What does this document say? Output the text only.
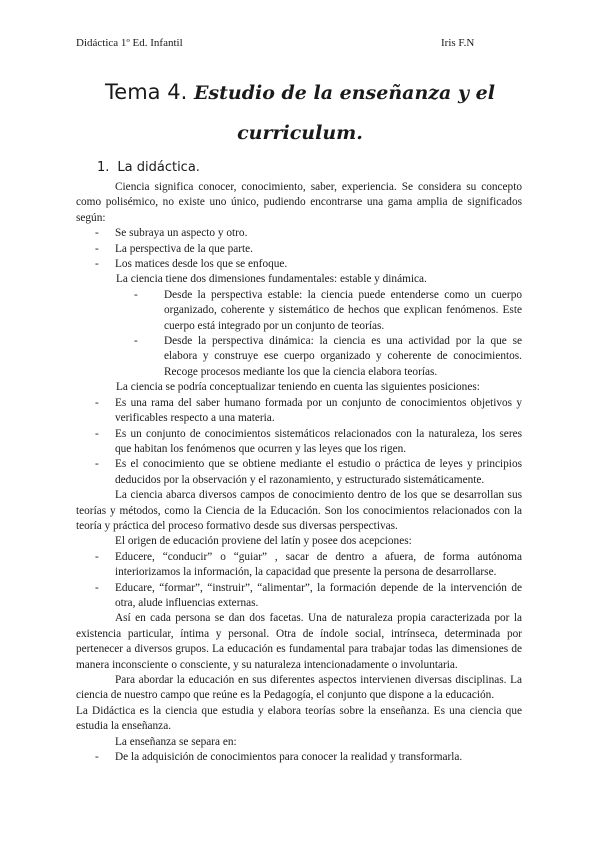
Didáctica 1º Ed. Infantil	Iris F.N
Tema 4. Estudio de la enseñanza y el
curriculum.
1. La didáctica.

Ciencia significa conocer, conocimiento, saber, experiencia. Se considera su concepto como polisémico, no existe uno único, pudiendo encontrarse una gama amplia de significados según:

- Se subraya un aspecto y otro.
- La perspectiva de la que parte.
- Los matices desde los que se enfoque.

La ciencia tiene dos dimensiones fundamentales: estable y dinámica.

- Desde la perspectiva estable: la ciencia puede entenderse como un cuerpo organizado, coherente y sistemático de hechos que explican fenómenos. Este cuerpo está integrado por un conjunto de teorías.
- Desde la perspectiva dinámica: la ciencia es una actividad por la que se elabora y construye ese cuerpo organizado y coherente de conocimientos. Recoge procesos mediante los que la ciencia elabora teorías.

La ciencia se podría conceptualizar teniendo en cuenta las siguientes posiciones:

- Es una rama del saber humano formada por un conjunto de conocimientos objetivos y verificables respecto a una materia.
- Es un conjunto de conocimientos sistemáticos relacionados con la naturaleza, los seres que habitan los fenómenos que ocurren y las leyes que los rigen.
- Es el conocimiento que se obtiene mediante el estudio o práctica de leyes y principios deducidos por la observación y el razonamiento, y estructurado sistemáticamente.

La ciencia abarca diversos campos de conocimiento dentro de los que se desarrollan sus teorías y métodos, como la Ciencia de la Educación. Son los conocimientos relacionados con la teoría y práctica del proceso formativo desde sus diversas perspectivas.

El origen de educación proviene del latín y posee dos acepciones:

- Educere, “conducir” o “guiar” , sacar de dentro a afuera, de forma autónoma interiorizamos la información, la capacidad que presente la persona de desarrollarse.
- Educare, “formar”, “instruir”, “alimentar”, la formación depende de la intervención de otra, alude influencias externas.

Así en cada persona se dan dos facetas. Una de naturaleza propia caracterizada por la existencia particular, íntima y personal. Otra de índole social, intrínseca, determinada por pertenecer a diversos grupos. La educación es fundamental para trabajar todas las dimensiones de manera inconsciente o consciente, y su naturaleza intencionadamente o involuntaria.

Para abordar la educación en sus diferentes aspectos intervienen diversas disciplinas. La ciencia de nuestro campo que reúne es la Pedagogía, el conjunto que dispone a la educación.

La Didáctica es la ciencia que estudia y elabora teorías sobre la enseñanza. Es una ciencia que estudia la enseñanza.

La enseñanza se separa en:

- De la adquisición de conocimientos para conocer la realidad y transformarla.
